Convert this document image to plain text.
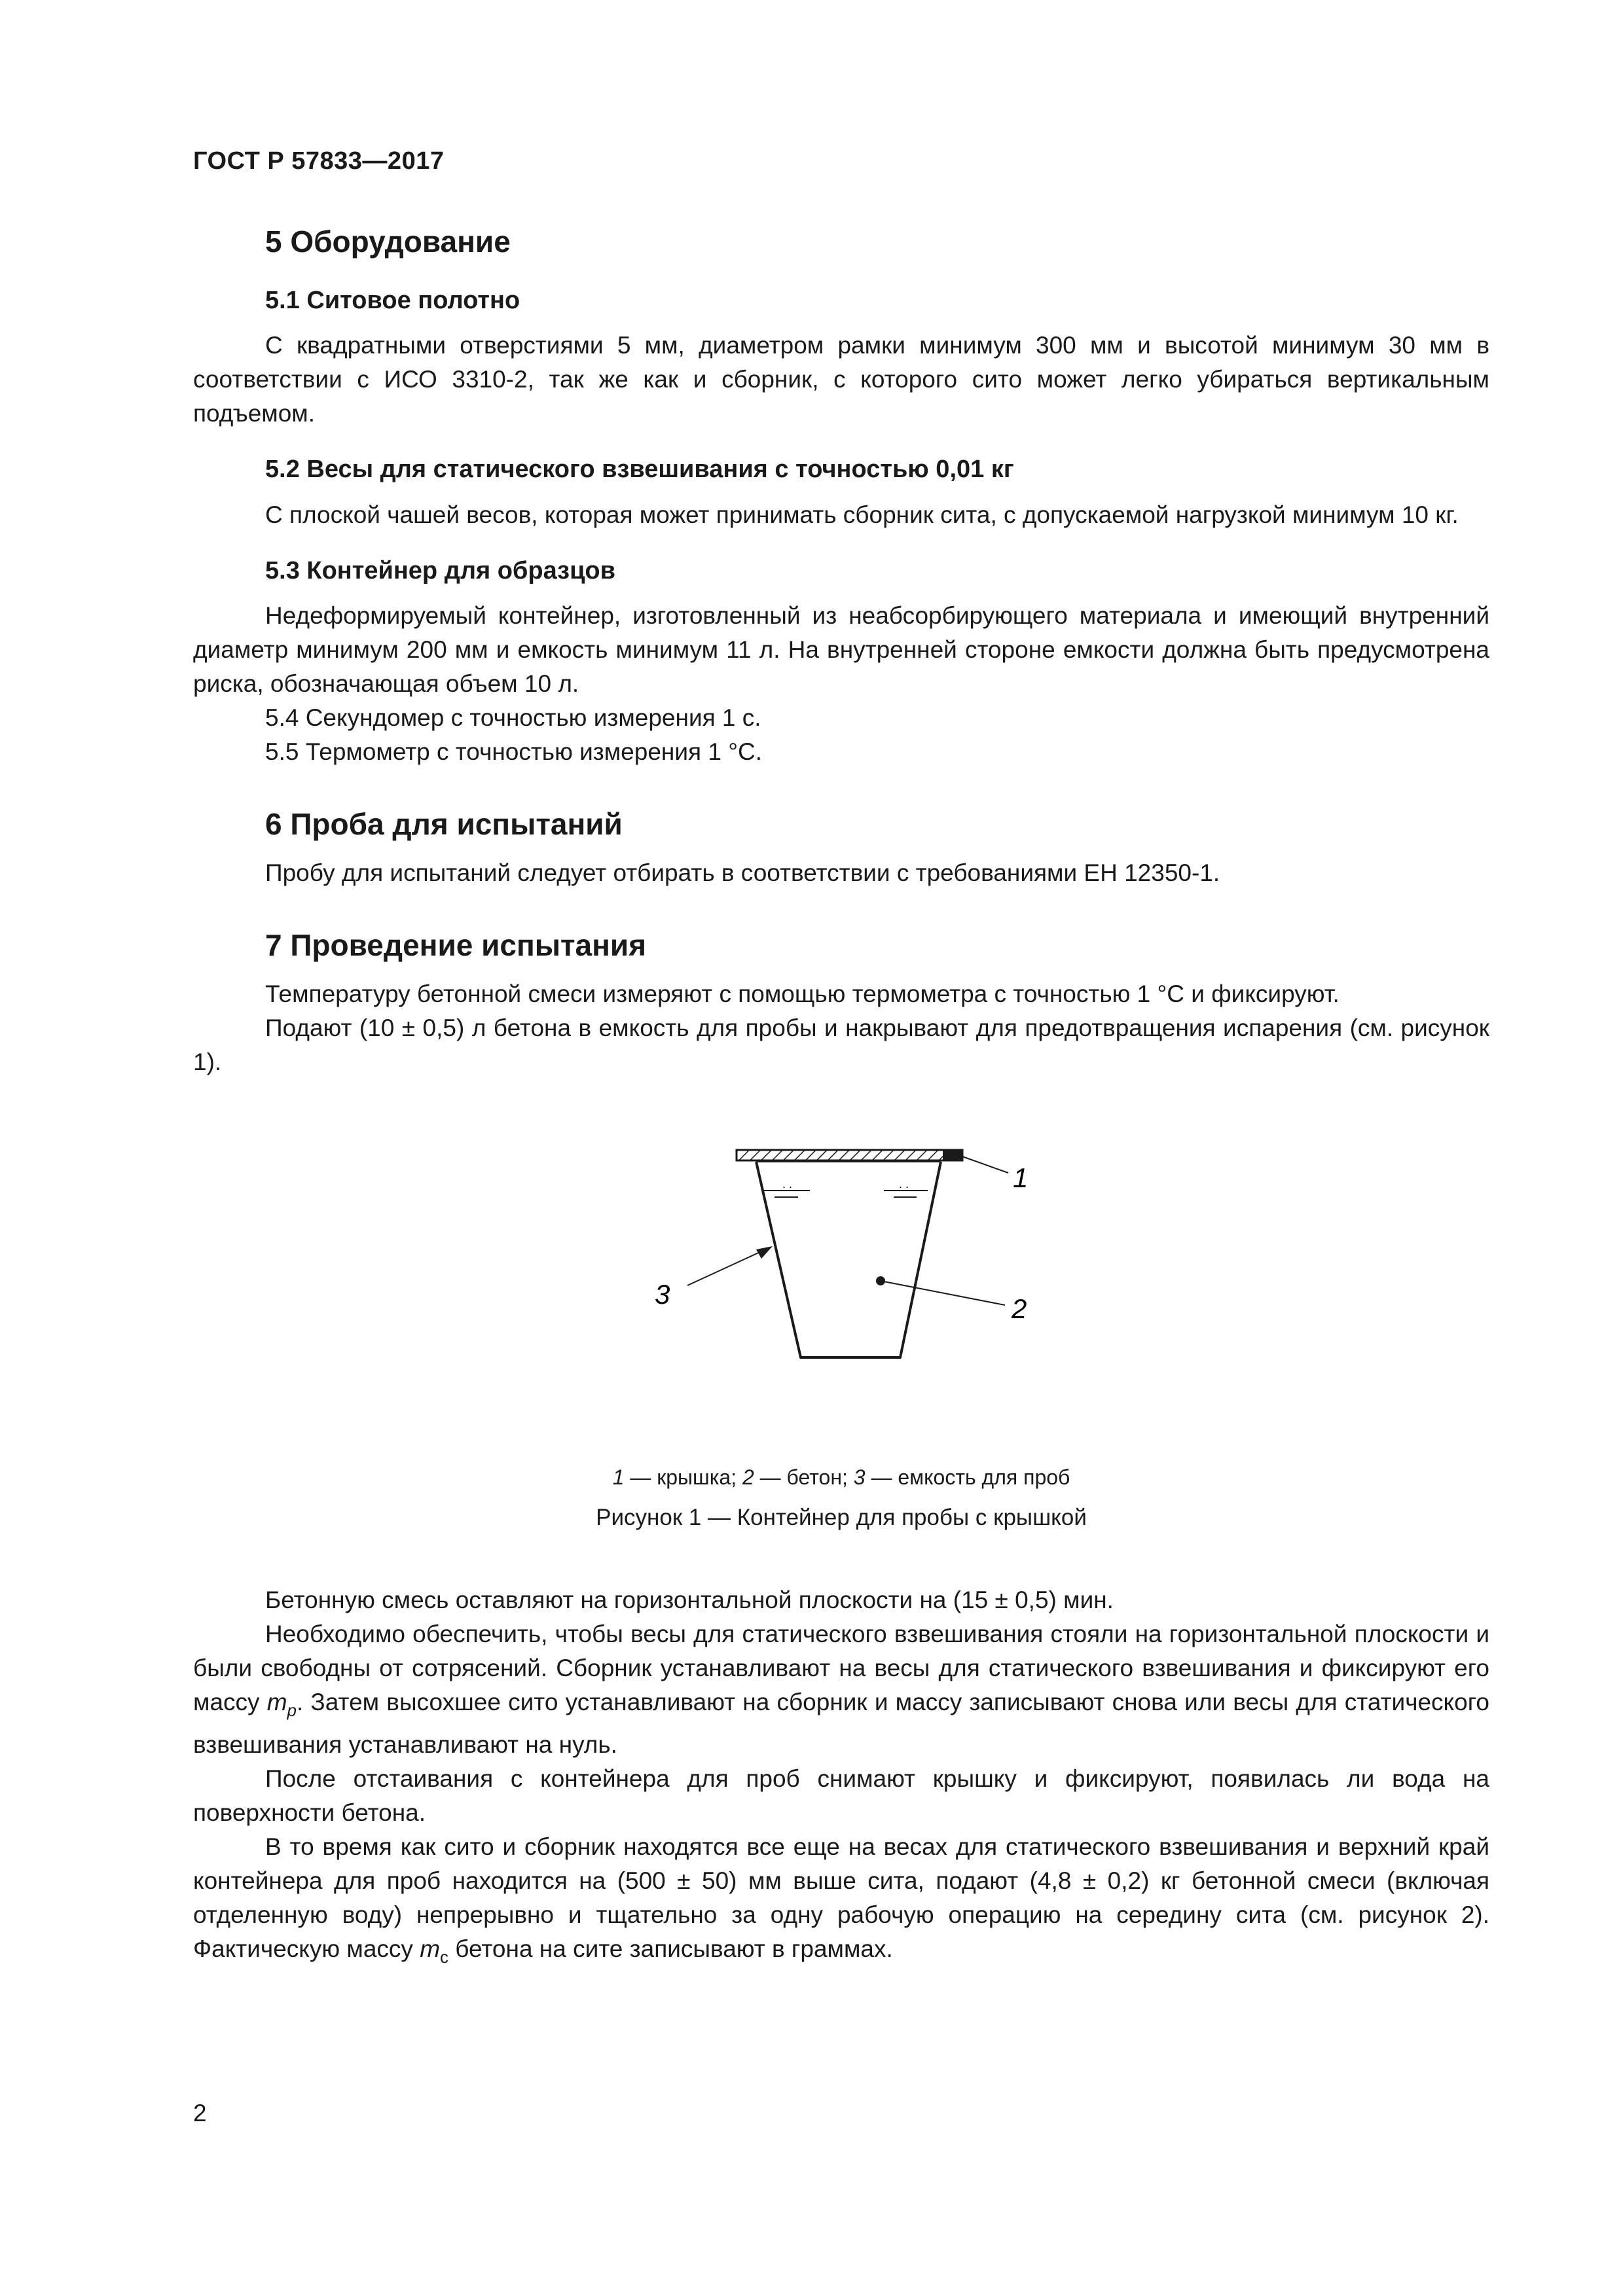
ГОСТ Р 57833—2017
5 Оборудование
5.1 Ситовое полотно
С квадратными отверстиями 5 мм, диаметром рамки минимум 300 мм и высотой минимум 30 мм в соответствии с ИСО 3310-2, так же как и сборник, с которого сито может легко убираться вертикальным подъемом.
5.2 Весы для статического взвешивания с точностью 0,01 кг
С плоской чашей весов, которая может принимать сборник сита, с допускаемой нагрузкой минимум 10 кг.
5.3 Контейнер для образцов
Недеформируемый контейнер, изготовленный из неабсорбирующего материала и имеющий внутренний диаметр минимум 200 мм и емкость минимум 11 л. На внутренней стороне емкости должна быть предусмотрена риска, обозначающая объем 10 л.
5.4 Секундомер с точностью измерения 1 с.
5.5 Термометр с точностью измерения 1 °С.
6 Проба для испытаний
Пробу для испытаний следует отбирать в соответствии с требованиями ЕН 12350-1.
7 Проведение испытания
Температуру бетонной смеси измеряют с помощью термометра с точностью 1 °С и фиксируют.
Подают (10 ± 0,5) л бетона в емкость для пробы и накрывают для предотвращения испарения (см. рисунок 1).
. .	. .	1
2
3
1 — крышка; 2 — бетон; 3 — емкость для проб
Рисунок 1 — Контейнер для пробы с крышкой
Бетонную смесь оставляют на горизонтальной плоскости на (15 ± 0,5) мин.
Необходимо обеспечить, чтобы весы для статического взвешивания стояли на горизонтальной плоскости и были свободны от сотрясений. Сборник устанавливают на весы для статического взвешивания и фиксируют его массу $m_p$. Затем высохшее сито устанавливают на сборник и массу записывают снова или весы для статического взвешивания устанавливают на нуль.
После отстаивания с контейнера для проб снимают крышку и фиксируют, появилась ли вода на поверхности бетона.
В то время как сито и сборник находятся все еще на весах для статического взвешивания и верхний край контейнера для проб находится на (500 ± 50) мм выше сита, подают (4,8 ± 0,2) кг бетонной смеси (включая отделенную воду) непрерывно и тщательно за одну рабочую операцию на середину сита (см. рисунок 2). Фактическую массу $m_c$ бетона на сите записывают в граммах.
2
